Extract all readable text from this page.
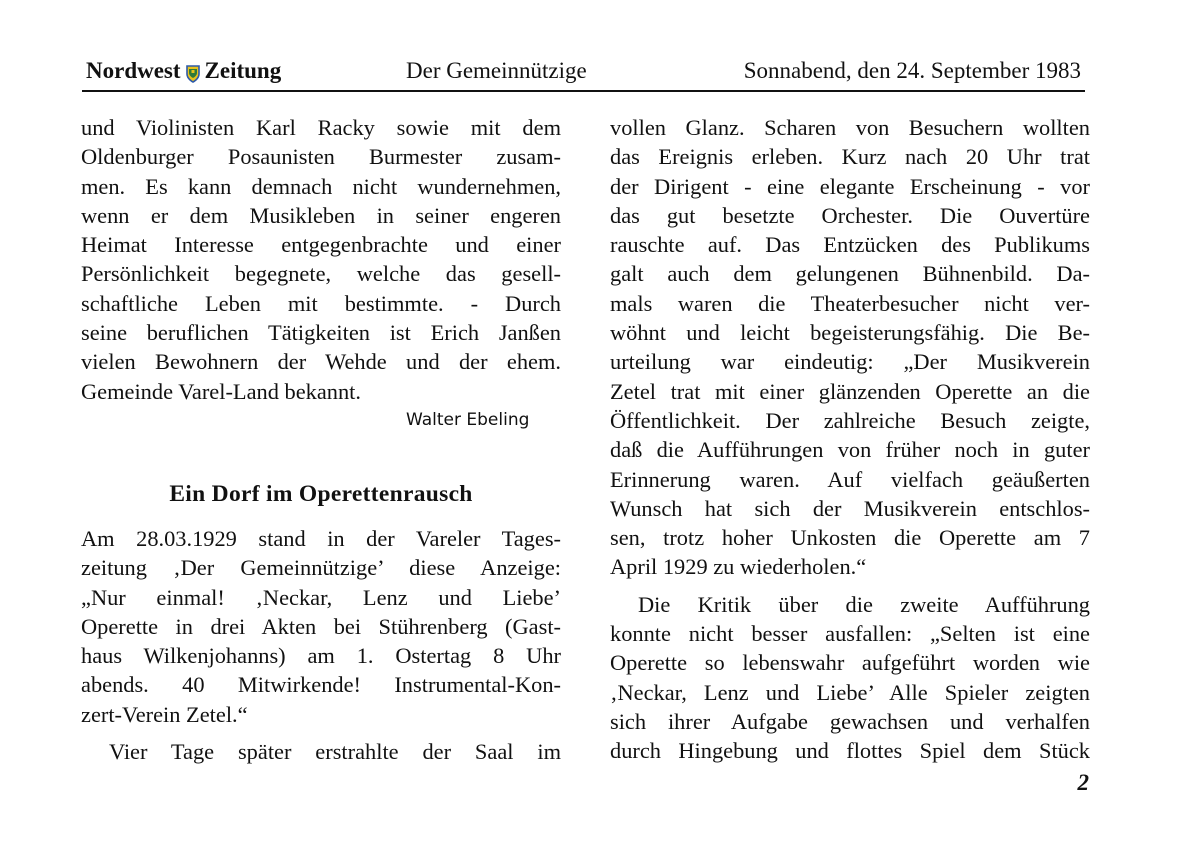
Nordwest Zeitung	Der Gemeinnützige	Sonnabend, den 24. September 1983
und Violinisten Karl Racky sowie mit dem
Oldenburger Posaunisten Burmester zusam-
men. Es kann demnach nicht wundernehmen,
wenn er dem Musikleben in seiner engeren
Heimat Interesse entgegenbrachte und einer
Persönlichkeit begegnete, welche das gesell-
schaftliche Leben mit bestimmte. - Durch
seine beruflichen Tätigkeiten ist Erich Janßen
vielen Bewohnern der Wehde und der ehem.
Gemeinde Varel-Land bekannt.
Walter Ebeling
Ein Dorf im Operettenrausch
Am 28.03.1929 stand in der Vareler Tages-
zeitung ‚Der Gemeinnützige’ diese Anzeige:
„Nur einmal! ‚Neckar, Lenz und Liebe’
Operette in drei Akten bei Stührenberg (Gast-
haus Wilkenjohanns) am 1. Ostertag 8 Uhr
abends. 40 Mitwirkende! Instrumental-Kon-
zert-Verein Zetel.“
Vier Tage später erstrahlte der Saal im
vollen Glanz. Scharen von Besuchern wollten
das Ereignis erleben. Kurz nach 20 Uhr trat
der Dirigent - eine elegante Erscheinung - vor
das gut besetzte Orchester. Die Ouvertüre
rauschte auf. Das Entzücken des Publikums
galt auch dem gelungenen Bühnenbild. Da-
mals waren die Theaterbesucher nicht ver-
wöhnt und leicht begeisterungsfähig. Die Be-
urteilung war eindeutig: „Der Musikverein
Zetel trat mit einer glänzenden Operette an die
Öffentlichkeit. Der zahlreiche Besuch zeigte,
daß die Aufführungen von früher noch in guter
Erinnerung waren. Auf vielfach geäußerten
Wunsch hat sich der Musikverein entschlos-
sen, trotz hoher Unkosten die Operette am 7
April 1929 zu wiederholen.“
Die Kritik über die zweite Aufführung
konnte nicht besser ausfallen: „Selten ist eine
Operette so lebenswahr aufgeführt worden wie
‚Neckar, Lenz und Liebe’ Alle Spieler zeigten
sich ihrer Aufgabe gewachsen und verhalfen
durch Hingebung und flottes Spiel dem Stück
2
